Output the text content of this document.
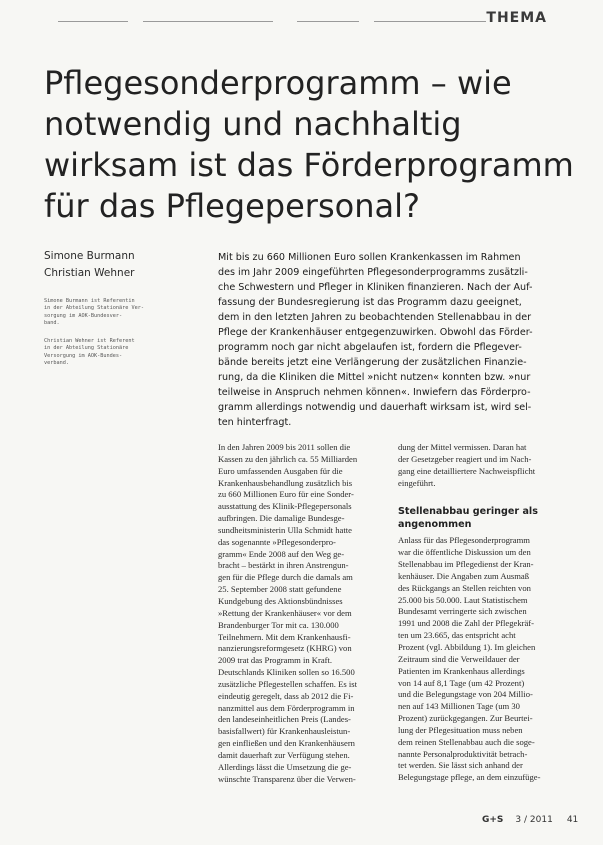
THEMA
Pflegesonderprogramm – wie
notwendig und nachhaltig
wirksam ist das Förderprogramm
für das Pflegepersonal?
Simone Burmann
Christian Wehner
Simone Burmann ist Referentin
in der Abteilung Stationäre Ver-
sorgung im AOK-Bundesver-
band.
Christian Wehner ist Referent
in der Abteilung Stationäre
Versorgung im AOK-Bundes-
verband.
Mit bis zu 660 Millionen Euro sollen Krankenkassen im Rahmen
des im Jahr 2009 eingeführten Pflegesonderprogramms zusätzli-
che Schwestern und Pfleger in Kliniken finanzieren. Nach der Auf-
fassung der Bundesregierung ist das Programm dazu geeignet,
dem in den letzten Jahren zu beobachtenden Stellenabbau in der
Pflege der Krankenhäuser entgegenzuwirken. Obwohl das Förder-
programm noch gar nicht abgelaufen ist, fordern die Pflegever-
bände bereits jetzt eine Verlängerung der zusätzlichen Finanzie-
rung, da die Kliniken die Mittel »nicht nutzen« konnten bzw. »nur
teilweise in Anspruch nehmen können«. Inwiefern das Förderpro-
gramm allerdings notwendig und dauerhaft wirksam ist, wird sel-
ten hinterfragt.
In den Jahren 2009 bis 2011 sollen die
Kassen zu den jährlich ca. 55 Milliarden
Euro umfassenden Ausgaben für die
Krankenhausbehandlung zusätzlich bis
zu 660 Millionen Euro für eine Sonder-
ausstattung des Klinik-Pflegepersonals
aufbringen. Die damalige Bundesge-
sundheitsministerin Ulla Schmidt hatte
das sogenannte »Pflegesonderpro-
gramm« Ende 2008 auf den Weg ge-
bracht – bestärkt in ihren Anstrengun-
gen für die Pflege durch die damals am
25. September 2008 statt gefundene
Kundgebung des Aktionsbündnisses
»Rettung der Krankenhäuser« vor dem
Brandenburger Tor mit ca. 130.000
Teilnehmern. Mit dem Krankenhausfi-
nanzierungsreformgesetz (KHRG) von
2009 trat das Programm in Kraft.
Deutschlands Kliniken sollen so 16.500
zusätzliche Pflegestellen schaffen. Es ist
eindeutig geregelt, dass ab 2012 die Fi-
nanzmittel aus dem Förderprogramm in
den landeseinheitlichen Preis (Landes-
basisfallwert) für Krankenhausleistun-
gen einfließen und den Krankenhäusern
damit dauerhaft zur Verfügung stehen.
Allerdings lässt die Umsetzung die ge-
wünschte Transparenz über die Verwen-
dung der Mittel vermissen. Daran hat
der Gesetzgeber reagiert und im Nach-
gang eine detailliertere Nachweispflicht
eingeführt.
Stellenabbau geringer als
angenommen
Anlass für das Pflegesonderprogramm
war die öffentliche Diskussion um den
Stellenabbau im Pflegedienst der Kran-
kenhäuser. Die Angaben zum Ausmaß
des Rückgangs an Stellen reichten von
25.000 bis 50.000. Laut Statistischem
Bundesamt verringerte sich zwischen
1991 und 2008 die Zahl der Pflegekräf-
ten um 23.665, das entspricht acht
Prozent (vgl. Abbildung 1). Im gleichen
Zeitraum sind die Verweildauer der
Patienten im Krankenhaus allerdings
von 14 auf 8,1 Tage (um 42 Prozent)
und die Belegungstage von 204 Millio-
nen auf 143 Millionen Tage (um 30
Prozent) zurückgegangen. Zur Beurtei-
lung der Pflegesituation muss neben
dem reinen Stellenabbau auch die soge-
nannte Personalproduktivität betrach-
tet werden. Sie lässt sich anhand der
Belegungstage pflege, an dem einzufüge-
G+S 3 / 2011 41
